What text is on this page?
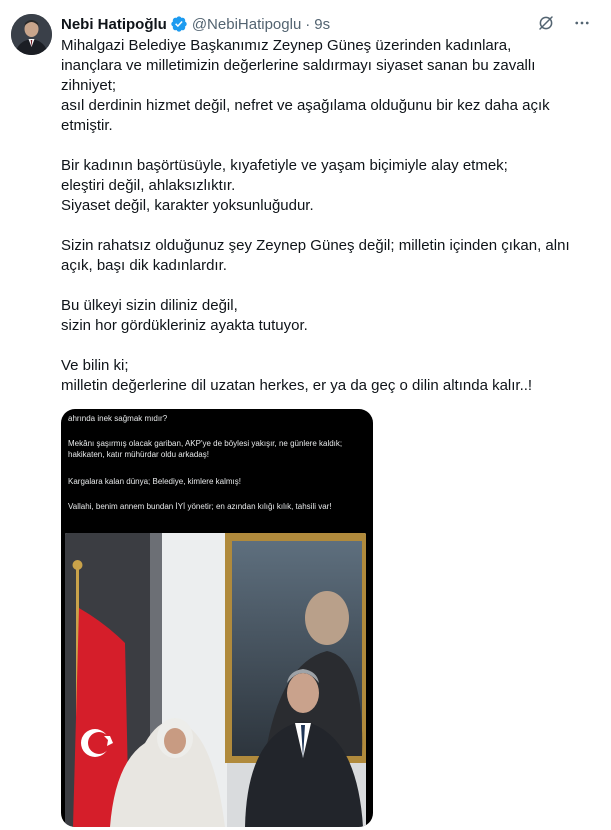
Nebi Hatipoğlu @NebiHatipoglu · 9s

Mihalgazi Belediye Başkanımız Zeynep Güneş üzerinden kadınlara,
inançlara ve milletimizin değerlerine saldırmayı siyaset sanan bu zavallı
zihniyet;
asıl derdinin hizmet değil, nefret ve aşağılama olduğunu bir kez daha açık
etmiştir.

Bir kadının başörtüsüyle, kıyafetiyle ve yaşam biçimiyle alay etmek;
eleştiri değil, ahlaksızlıktır.
Siyaset değil, karakter yoksunluğudur.

Sizin rahatsız olduğunuz şey Zeynep Güneş değil; milletin içinden çıkan, alnı
açık, başı dik kadınlardır.

Bu ülkeyi sizin diliniz değil,
sizin hor gördükleriniz ayakta tutuyor.

Ve bilin ki;
milletin değerlerine dil uzatan herkes, er ya da geç o dilin altında kalır..!

ahrında inek sağmak mıdır?

Mekânı şaşırmış olacak gariban, AKP'ye de böylesi yakışır, ne günlere kaldık; hakikaten, katır mühürdar oldu arkadaş!

Kargalara kalan dünya; Belediye, kimlere kalmış!

Vallahi, benim annem bundan İYİ yönetir; en azından kılığı kılık, tahsili var!
